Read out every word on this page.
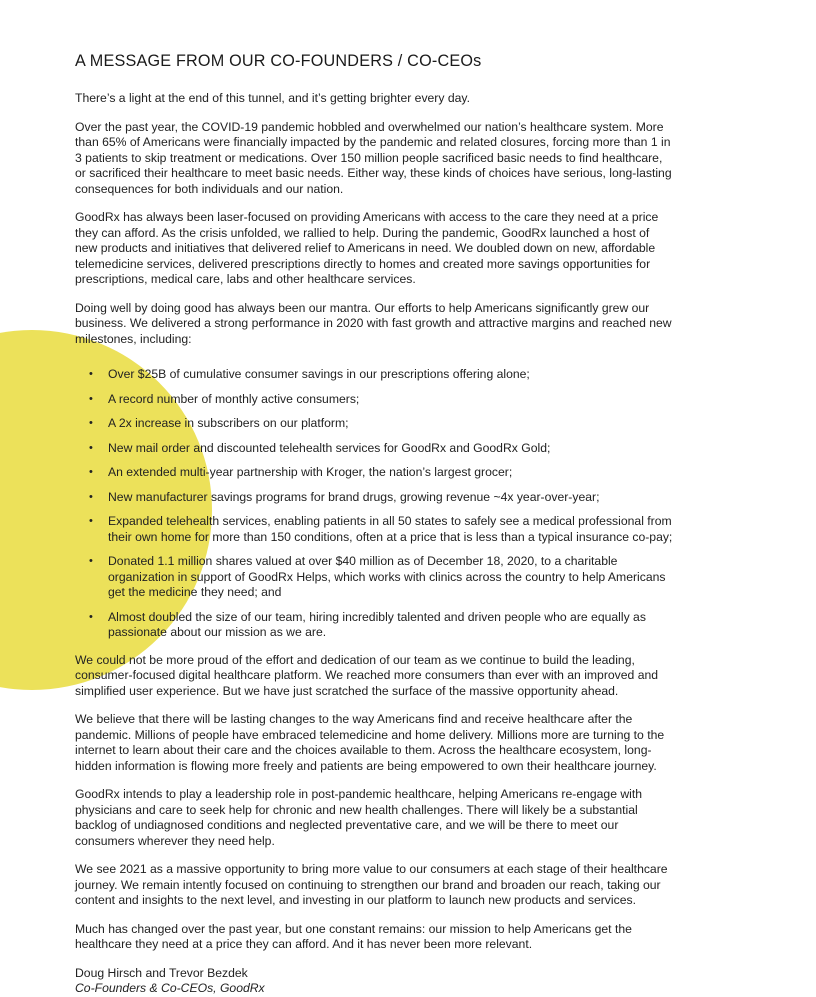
A MESSAGE FROM OUR CO-FOUNDERS / CO-CEOs

There’s a light at the end of this tunnel, and it’s getting brighter every day.

Over the past year, the COVID-19 pandemic hobbled and overwhelmed our nation’s healthcare system. More than 65% of Americans were financially impacted by the pandemic and related closures, forcing more than 1 in 3 patients to skip treatment or medications. Over 150 million people sacrificed basic needs to find healthcare, or sacrificed their healthcare to meet basic needs. Either way, these kinds of choices have serious, long-lasting consequences for both individuals and our nation.

GoodRx has always been laser-focused on providing Americans with access to the care they need at a price they can afford. As the crisis unfolded, we rallied to help. During the pandemic, GoodRx launched a host of new products and initiatives that delivered relief to Americans in need. We doubled down on new, affordable telemedicine services, delivered prescriptions directly to homes and created more savings opportunities for prescriptions, medical care, labs and other healthcare services.

Doing well by doing good has always been our mantra. Our efforts to help Americans significantly grew our business. We delivered a strong performance in 2020 with fast growth and attractive margins and reached new milestones, including:

• Over $25B of cumulative consumer savings in our prescriptions offering alone;
• A record number of monthly active consumers;
• A 2x increase in subscribers on our platform;
• New mail order and discounted telehealth services for GoodRx and GoodRx Gold;
• An extended multi-year partnership with Kroger, the nation’s largest grocer;
• New manufacturer savings programs for brand drugs, growing revenue ~4x year-over-year;
• Expanded telehealth services, enabling patients in all 50 states to safely see a medical professional from their own home for more than 150 conditions, often at a price that is less than a typical insurance co-pay;
• Donated 1.1 million shares valued at over $40 million as of December 18, 2020, to a charitable organization in support of GoodRx Helps, which works with clinics across the country to help Americans get the medicine they need; and
• Almost doubled the size of our team, hiring incredibly talented and driven people who are equally as passionate about our mission as we are.

We could not be more proud of the effort and dedication of our team as we continue to build the leading, consumer-focused digital healthcare platform. We reached more consumers than ever with an improved and simplified user experience. But we have just scratched the surface of the massive opportunity ahead.

We believe that there will be lasting changes to the way Americans find and receive healthcare after the pandemic. Millions of people have embraced telemedicine and home delivery. Millions more are turning to the internet to learn about their care and the choices available to them. Across the healthcare ecosystem, long-hidden information is flowing more freely and patients are being empowered to own their healthcare journey.

GoodRx intends to play a leadership role in post-pandemic healthcare, helping Americans re-engage with physicians and care to seek help for chronic and new health challenges. There will likely be a substantial backlog of undiagnosed conditions and neglected preventative care, and we will be there to meet our consumers wherever they need help.

We see 2021 as a massive opportunity to bring more value to our consumers at each stage of their healthcare journey. We remain intently focused on continuing to strengthen our brand and broaden our reach, taking our content and insights to the next level, and investing in our platform to launch new products and services.

Much has changed over the past year, but one constant remains: our mission to help Americans get the healthcare they need at a price they can afford. And it has never been more relevant.

Doug Hirsch and Trevor Bezdek

Co-Founders & Co-CEOs, GoodRx
